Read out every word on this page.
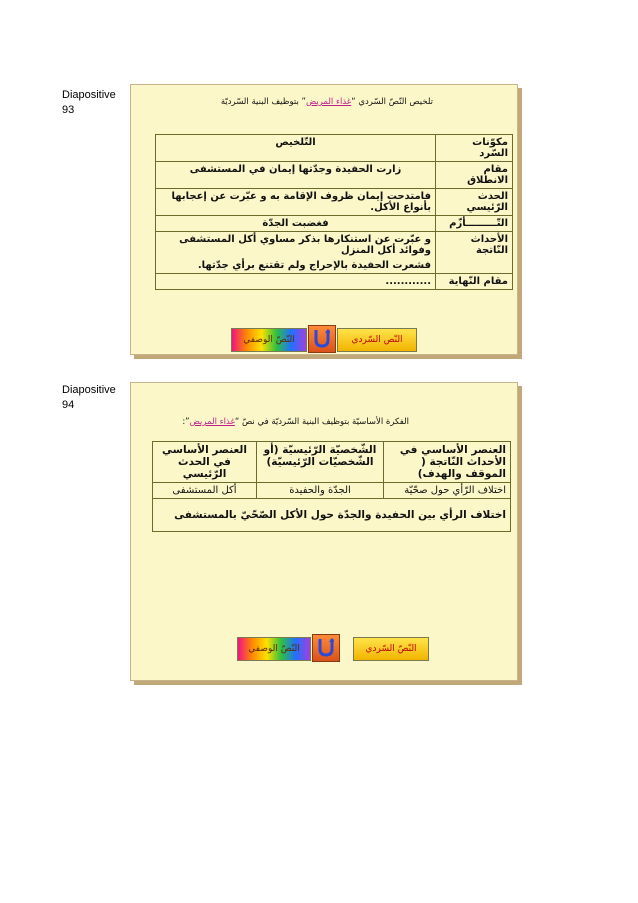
Diapositive 93
تلخيص النّصّ السّردي “غذاء المريض” بتوظيف البنية السّرديّة
مكوّنات السّرد	التّلخيص
مقام الانطلاق	زارت الحفيدة وجدّتها إيمان في المستشفى
الحدث الرّئيسي	فامتدحت إيمان ظروف الإقامة به و عبّرت عن إعجابها بأنواع الأكل.
التّـــــــــأزّم	فغضبت الجدّة
الأحداث النّاتجة	و عبّرت عن استنكارها بذكر مساوي أكل المستشفى وفوائد أكل المنزل
فشعرت الحفيدة بالإحراج ولم تقتنع برأي جدّتها.

مقام النّهاية	............
النّص السّردي
النّصّ الوصفي
Diapositive 94
الفكرة الأساسيّة بتوظيف البنية السّرديّة في نصّ “غذاء المريض”:
العنصر الأساسي في الأحداث النّاتجة ( الموقف والهدف)	الشّخصيّة الرّئيسيّة (أو الشّخصيّات الرّئيسيّة)	العنصر الأساسي في الحدث الرّئيسي
اختلاف الرّأي حول صحّيّة	الجدّة والحفيدة	أكل المستشفى
اختلاف الرأي بين الحفيدة والجدّة حول الأكل الصّحّيّ بالمستشفى		
النّصّ السّردي
النّصّ الوصفي
